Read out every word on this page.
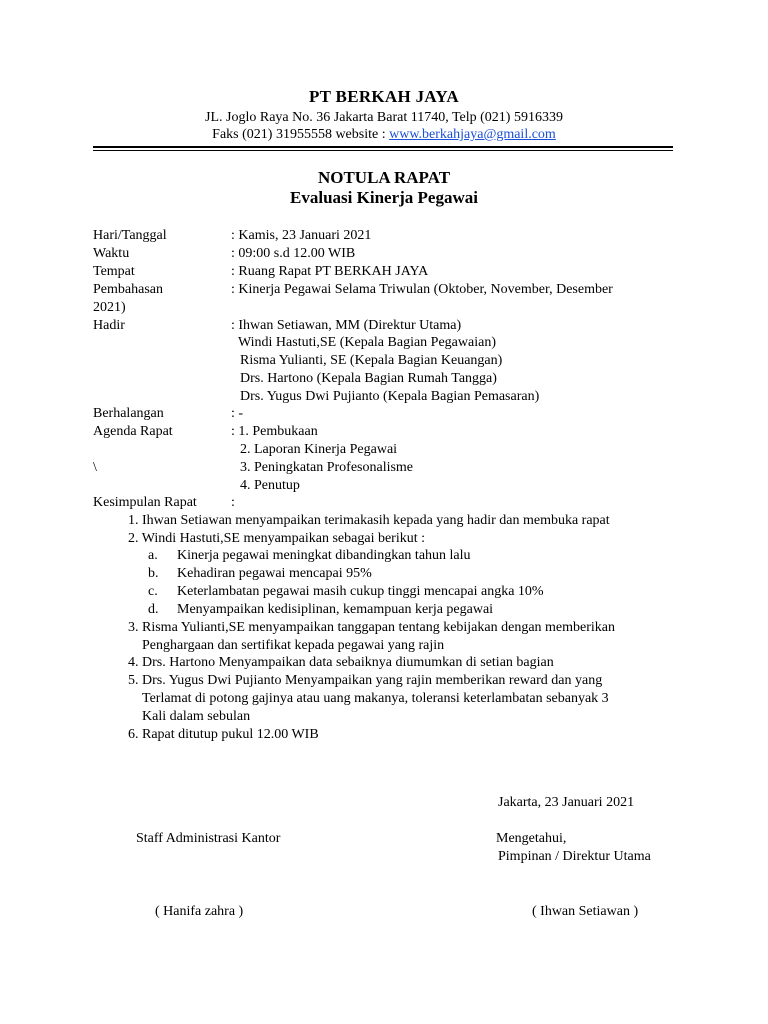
PT BERKAH JAYA
JL. Joglo Raya No. 36 Jakarta Barat 11740, Telp (021) 5916339
Faks (021) 31955558 website : www.berkahjaya@gmail.com
NOTULA RAPAT
Evaluasi Kinerja Pegawai
Hari/Tanggal	: Kamis, 23 Januari 2021
Waktu	: 09:00 s.d 12.00 WIB
Tempat	: Ruang Rapat PT BERKAH JAYA
Pembahasan	: Kinerja Pegawai Selama Triwulan (Oktober, November, Desember
2021)
Hadir	: Ihwan Setiawan, MM (Direktur Utama)
Windi Hastuti,SE (Kepala Bagian Pegawaian)
Risma Yulianti, SE (Kepala Bagian Keuangan)
Drs. Hartono (Kepala Bagian Rumah Tangga)
Drs. Yugus Dwi Pujianto (Kepala Bagian Pemasaran)
Berhalangan	: -
Agenda Rapat	: 1. Pembukaan
2. Laporan Kinerja Pegawai
\	3. Peningkatan Profesonalisme
4. Penutup
Kesimpulan Rapat :
1. Ihwan Setiawan menyampaikan terimakasih kepada yang hadir dan membuka rapat
2. Windi Hastuti,SE menyampaikan sebagai berikut :
a. Kinerja pegawai meningkat dibandingkan tahun lalu
b. Kehadiran pegawai mencapai 95%
c. Keterlambatan pegawai masih cukup tinggi mencapai angka 10%
d. Menyampaikan kedisiplinan, kemampuan kerja pegawai
3. Risma Yulianti,SE menyampaikan tanggapan tentang kebijakan dengan memberikan
Penghargaan dan sertifikat kepada pegawai yang rajin
4. Drs. Hartono Menyampaikan data sebaiknya diumumkan di setian bagian
5. Drs. Yugus Dwi Pujianto Menyampaikan yang rajin memberikan reward dan yang
Terlamat di potong gajinya atau uang makanya, toleransi keterlambatan sebanyak 3
Kali dalam sebulan
6. Rapat ditutup pukul 12.00 WIB
Jakarta, 23 Januari 2021
Staff Administrasi Kantor	Mengetahui,
Pimpinan / Direktur Utama
( Hanifa zahra )	( Ihwan Setiawan )
